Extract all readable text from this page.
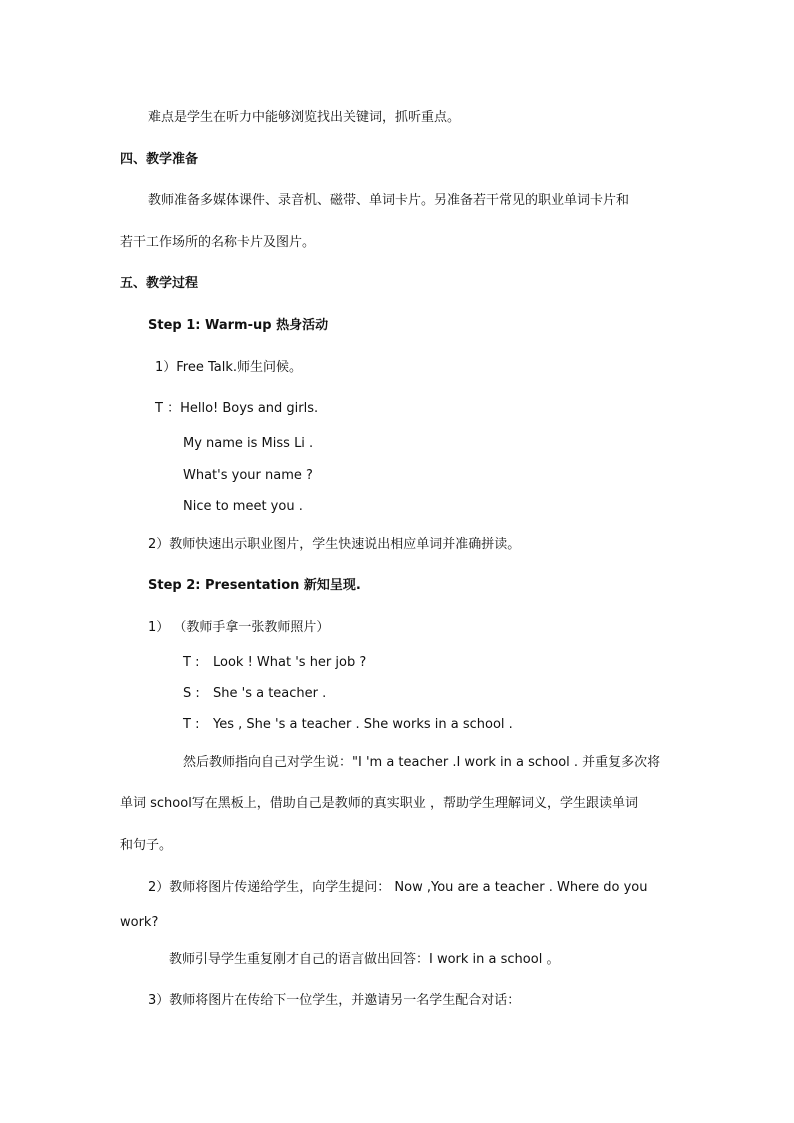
难点是学生在听力中能够浏览找出关键词，抓听重点。
四、教学准备
教师准备多媒体课件、录音机、磁带、单词卡片。另准备若干常见的职业单词卡片和
若干工作场所的名称卡片及图片。
五、教学过程
Step 1: Warm-up 热身活动
1）Free Talk.师生问候。
T ：Hello! Boys and girls.
My name is Miss Li .
What's your name ?
Nice to meet you .
2）教师快速出示职业图片，学生快速说出相应单词并准确拼读。
Step 2: Presentation 新知呈现.
1） （教师手拿一张教师照片）
T : Look ! What 's her job ?
S : She 's a teacher .
T : Yes , She 's a teacher . She works in a school .
然后教师指向自己对学生说："I 'm a teacher .I work in a school . 并重复多次将
单词 school写在黑板上，借助自己是教师的真实职业 ，帮助学生理解词义，学生跟读单词
和句子。
2）教师将图片传递给学生，向学生提问： Now ,You are a teacher . Where do you
work?
教师引导学生重复刚才自己的语言做出回答：I work in a school 。
3）教师将图片在传给下一位学生，并邀请另一名学生配合对话：
